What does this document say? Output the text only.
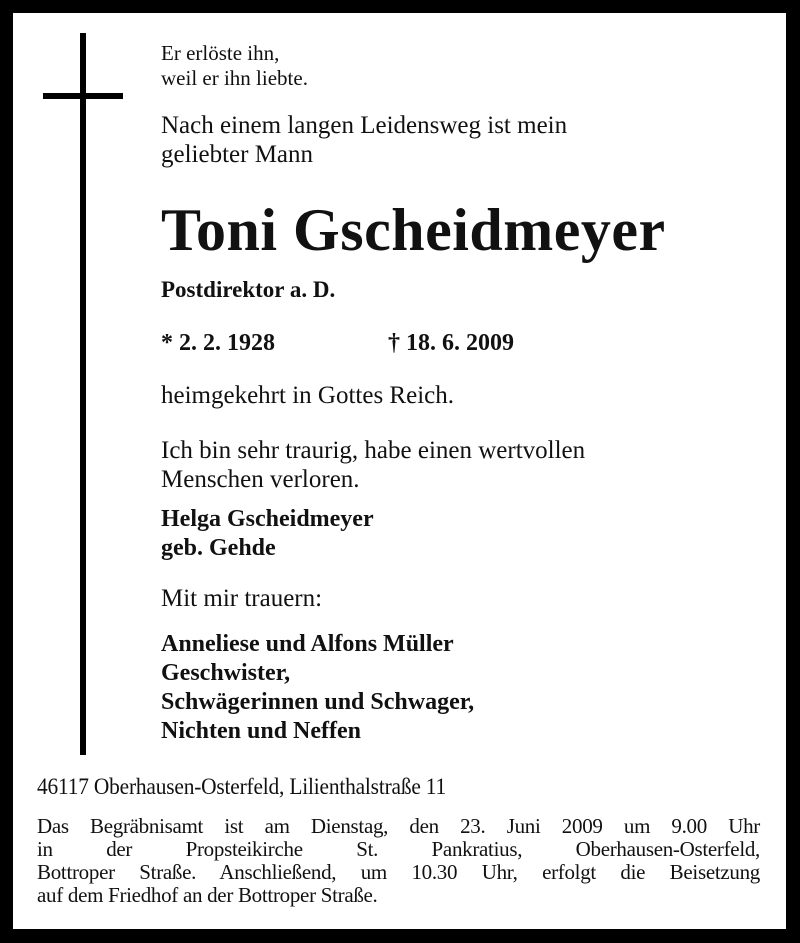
Er erlöste ihn,
weil er ihn liebte.
Nach einem langen Leidensweg ist mein
geliebter Mann
Toni Gscheidmeyer
Postdirektor a. D.
* 2. 2. 1928	† 18. 6. 2009
heimgekehrt in Gottes Reich.
Ich bin sehr traurig, habe einen wertvollen
Menschen verloren.
Helga Gscheidmeyer
geb. Gehde
Mit mir trauern:
Anneliese und Alfons Müller
Geschwister,
Schwägerinnen und Schwager,
Nichten und Neffen
46117 Oberhausen-Osterfeld, Lilienthalstraße 11
Das Begräbnisamt ist am Dienstag, den 23. Juni 2009 um 9.00 Uhr
in der Propsteikirche St. Pankratius, Oberhausen-Osterfeld,
Bottroper Straße. Anschließend, um 10.30 Uhr, erfolgt die Beisetzung
auf dem Friedhof an der Bottroper Straße.
